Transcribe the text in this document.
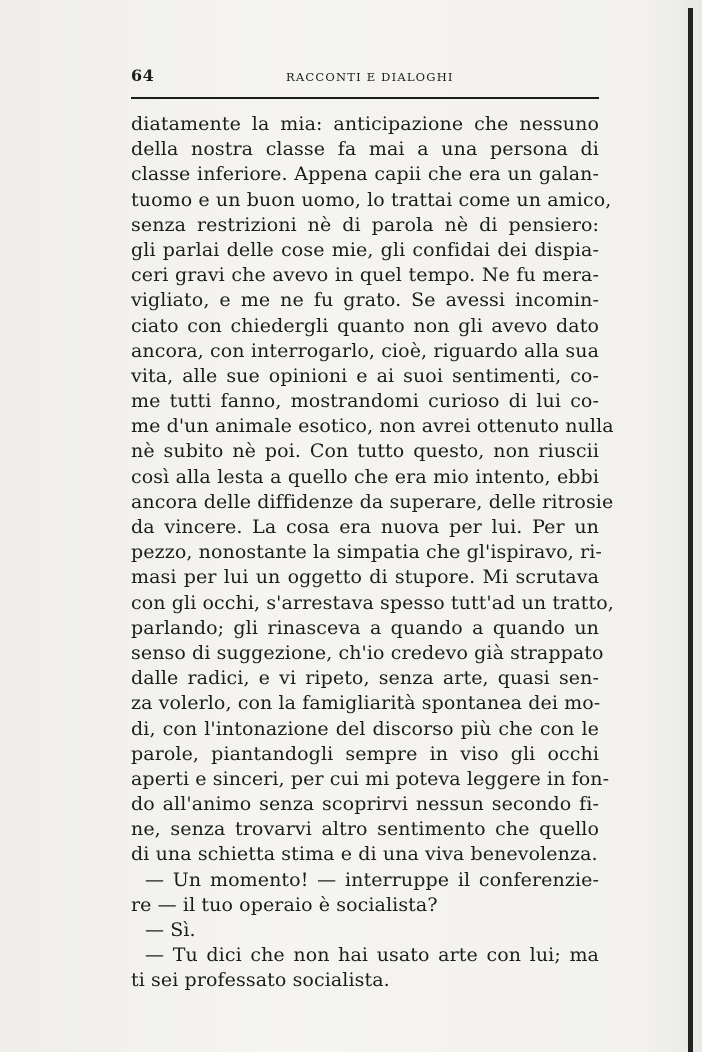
64	RACCONTI E DIALOGHI
diatamente la mia: anticipazione che nessuno
della nostra classe fa mai a una persona di
classe inferiore. Appena capii che era un galan-
tuomo e un buon uomo, lo trattai come un amico,
senza restrizioni nè di parola nè di pensiero:
gli parlai delle cose mie, gli confidai dei dispia-
ceri gravi che avevo in quel tempo. Ne fu mera-
vigliato, e me ne fu grato. Se avessi incomin-
ciato con chiedergli quanto non gli avevo dato
ancora, con interrogarlo, cioè, riguardo alla sua
vita, alle sue opinioni e ai suoi sentimenti, co-
me tutti fanno, mostrandomi curioso di lui co-
me d'un animale esotico, non avrei ottenuto nulla
nè subito nè poi. Con tutto questo, non riuscii
così alla lesta a quello che era mio intento, ebbi
ancora delle diffidenze da superare, delle ritrosie
da vincere. La cosa era nuova per lui. Per un
pezzo, nonostante la simpatia che gl'ispiravo, ri-
masi per lui un oggetto di stupore. Mi scrutava
con gli occhi, s'arrestava spesso tutt'ad un tratto,
parlando; gli rinasceva a quando a quando un
senso di suggezione, ch'io credevo già strappato
dalle radici, e vi ripeto, senza arte, quasi sen-
za volerlo, con la famigliarità spontanea dei mo-
di, con l'intonazione del discorso più che con le
parole, piantandogli sempre in viso gli occhi
aperti e sinceri, per cui mi poteva leggere in fon-
do all'animo senza scoprirvi nessun secondo fi-
ne, senza trovarvi altro sentimento che quello
di una schietta stima e di una viva benevolenza.
— Un momento! — interruppe il conferenzie-
re — il tuo operaio è socialista?
— Sì.
— Tu dici che non hai usato arte con lui; ma
ti sei professato socialista.
